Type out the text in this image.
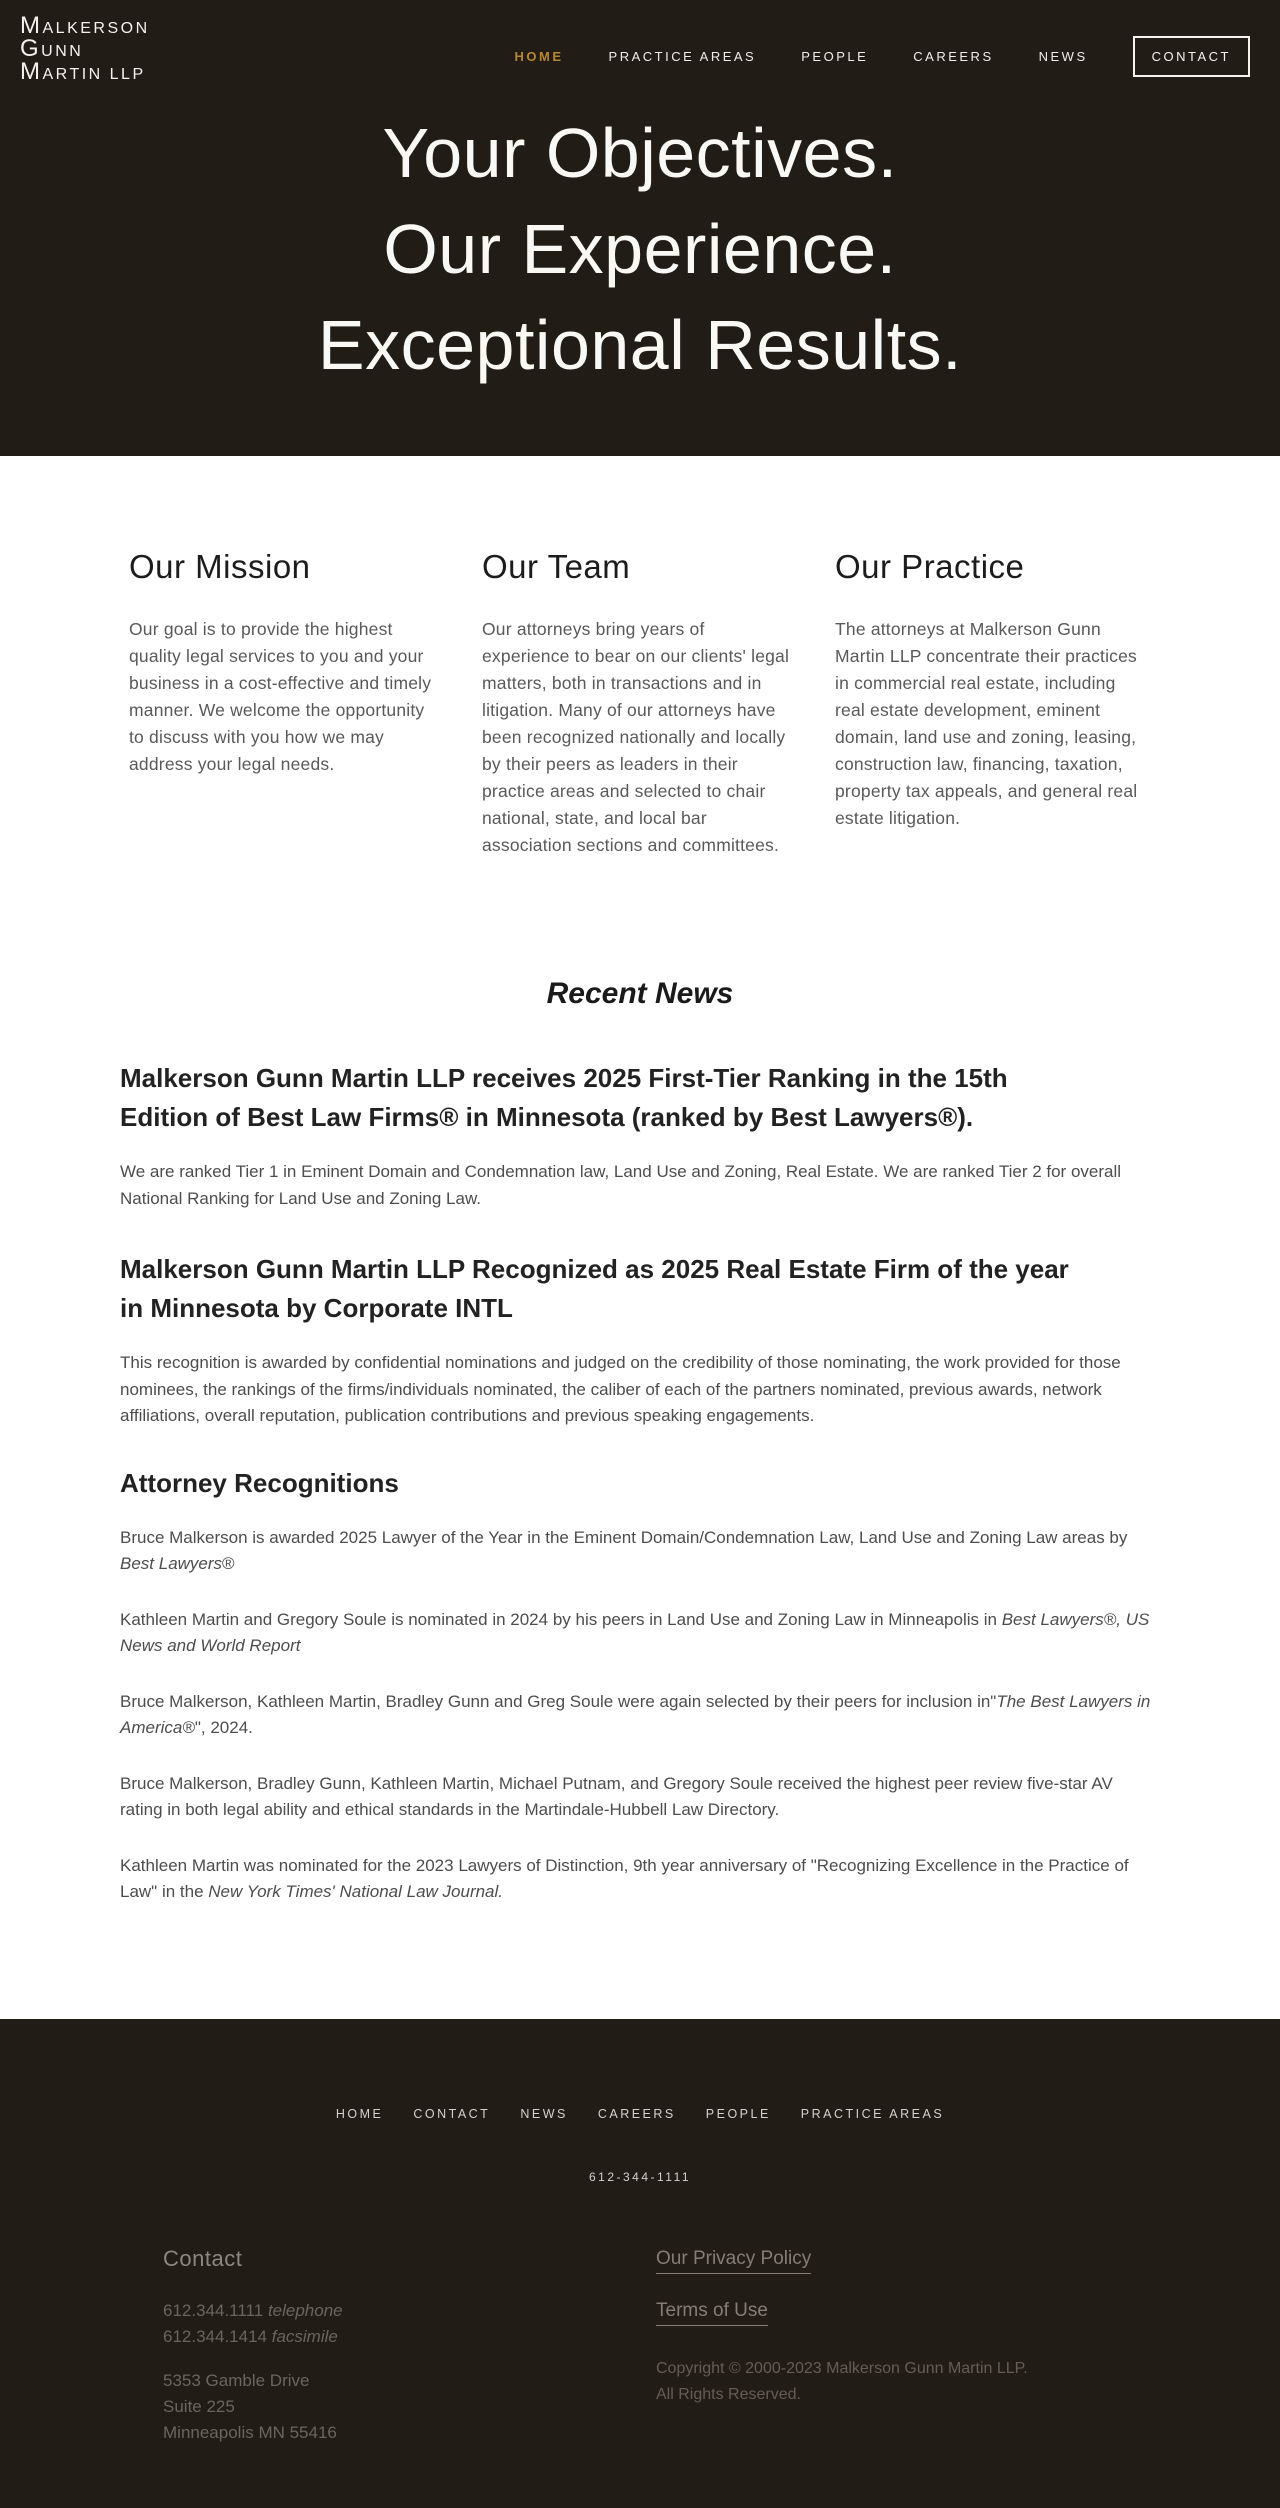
MALKERSON
GUNN
MARTIN LLP
HOME	PRACTICE AREAS	PEOPLE	CAREERS	NEWS	CONTACT
Your Objectives.
Our Experience.
Exceptional Results.
Our Mission

Our goal is to provide the highest quality legal services to you and your business in a cost-effective and timely manner. We welcome the opportunity to discuss with you how we may address your legal needs.

Our Team

Our attorneys bring years of experience to bear on our clients' legal matters, both in transactions and in litigation. Many of our attorneys have been recognized nationally and locally by their peers as leaders in their practice areas and selected to chair national, state, and local bar association sections and committees.

Our Practice

The attorneys at Malkerson Gunn Martin LLP concentrate their practices in commercial real estate, including real estate development, eminent domain, land use and zoning, leasing, construction law, financing, taxation, property tax appeals, and general real estate litigation.

Recent News
Malkerson Gunn Martin LLP receives 2025 First-Tier Ranking in the 15th Edition of Best Law Firms® in Minnesota (ranked by Best Lawyers®).

We are ranked Tier 1 in Eminent Domain and Condemnation law, Land Use and Zoning, Real Estate. We are ranked Tier 2 for overall National Ranking for Land Use and Zoning Law.

Malkerson Gunn Martin LLP Recognized as 2025 Real Estate Firm of the year in Minnesota by Corporate INTL

This recognition is awarded by confidential nominations and judged on the credibility of those nominating, the work provided for those nominees, the rankings of the firms/individuals nominated, the caliber of each of the partners nominated, previous awards, network affiliations, overall reputation, publication contributions and previous speaking engagements.

Attorney Recognitions

Bruce Malkerson is awarded 2025 Lawyer of the Year in the Eminent Domain/Condemnation Law, Land Use and Zoning Law areas by Best Lawyers®

Kathleen Martin and Gregory Soule is nominated in 2024 by his peers in Land Use and Zoning Law in Minneapolis in Best Lawyers®, US News and World Report

Bruce Malkerson, Kathleen Martin, Bradley Gunn and Greg Soule were again selected by their peers for inclusion in"The Best Lawyers in America®", 2024.

Bruce Malkerson, Bradley Gunn, Kathleen Martin, Michael Putnam, and Gregory Soule received the highest peer review five-star AV rating in both legal ability and ethical standards in the Martindale-Hubbell Law Directory.

Kathleen Martin was nominated for the 2023 Lawyers of Distinction, 9th year anniversary of "Recognizing Excellence in the Practice of Law" in the New York Times' National Law Journal.

HOME CONTACT NEWS CAREERS PEOPLE PRACTICE AREAS
612-344-1111
Contact

612.344.1111 telephone
612.344.1414 facsimile

5353 Gamble Drive
Suite 225
Minneapolis MN 55416

Our Privacy Policy
Terms of Use

Copyright © 2000-2023 Malkerson Gunn Martin LLP.
All Rights Reserved.
